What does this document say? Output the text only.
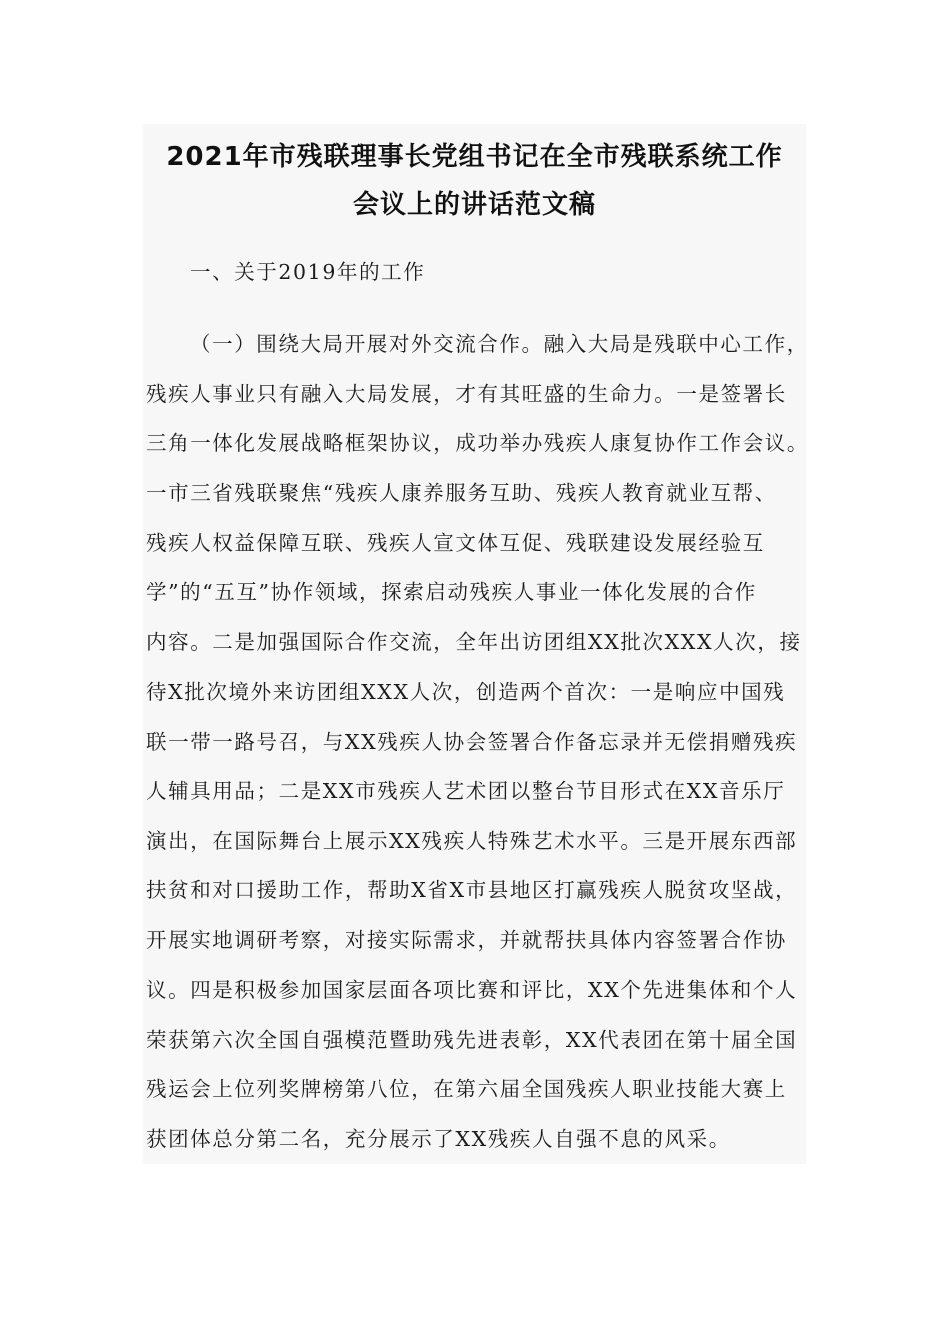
2021年市残联理事长党组书记在全市残联系统工作
会议上的讲话范文稿
一、关于2019年的工作
（一）围绕大局开展对外交流合作。融入大局是残联中心工作，
残疾人事业只有融入大局发展，才有其旺盛的生命力。一是签署长
三角一体化发展战略框架协议，成功举办残疾人康复协作工作会议。
一市三省残联聚焦“残疾人康养服务互助、残疾人教育就业互帮、
残疾人权益保障互联、残疾人宣文体互促、残联建设发展经验互
学”的“五互”协作领域，探索启动残疾人事业一体化发展的合作
内容。二是加强国际合作交流，全年出访团组XX批次XXX人次，接
待X批次境外来访团组XXX人次，创造两个首次：一是响应中国残
联一带一路号召，与XX残疾人协会签署合作备忘录并无偿捐赠残疾
人辅具用品；二是XX市残疾人艺术团以整台节目形式在XX音乐厅
演出，在国际舞台上展示XX残疾人特殊艺术水平。三是开展东西部
扶贫和对口援助工作，帮助X省X市县地区打赢残疾人脱贫攻坚战，
开展实地调研考察，对接实际需求，并就帮扶具体内容签署合作协
议。四是积极参加国家层面各项比赛和评比，XX个先进集体和个人
荣获第六次全国自强模范暨助残先进表彰，XX代表团在第十届全国
残运会上位列奖牌榜第八位，在第六届全国残疾人职业技能大赛上
获团体总分第二名，充分展示了XX残疾人自强不息的风采。
